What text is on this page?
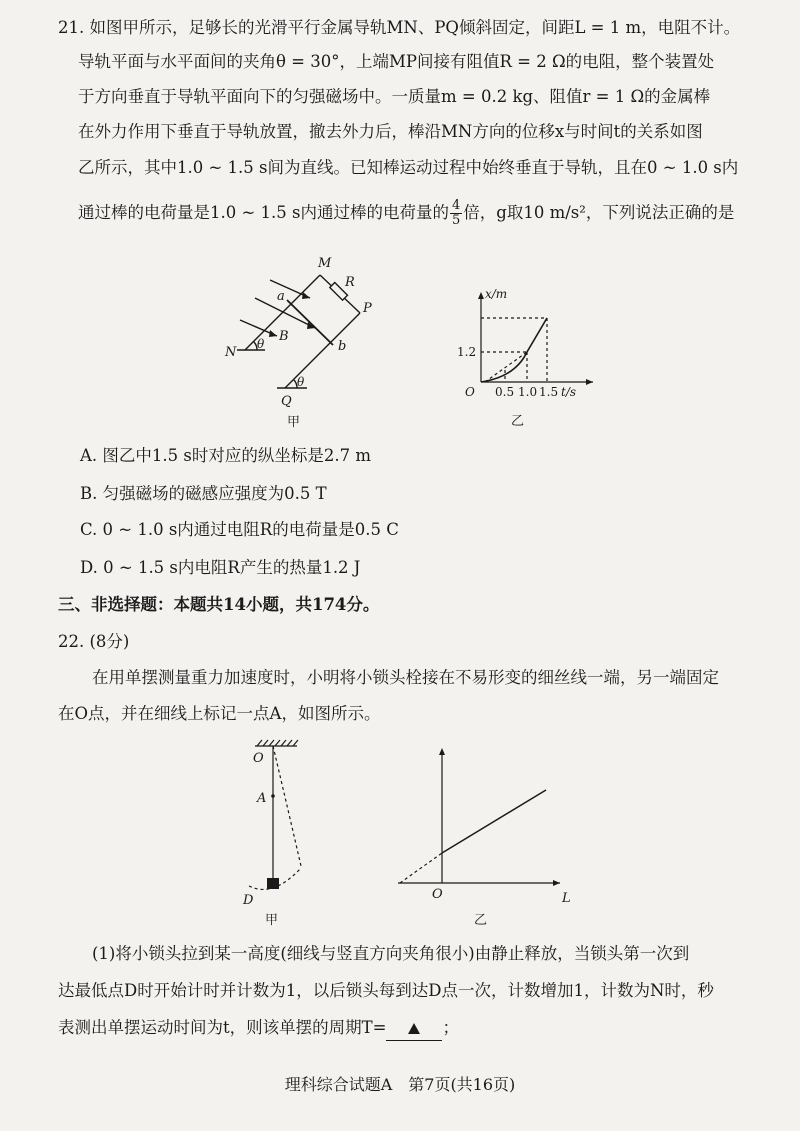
21. 如图甲所示，足够长的光滑平行金属导轨MN、PQ倾斜固定，间距L = 1 m，电阻不计。
导轨平面与水平面间的夹角θ = 30°，上端MP间接有阻值R = 2 Ω的电阻，整个装置处
于方向垂直于导轨平面向下的匀强磁场中。一质量m = 0.2 kg、阻值r = 1 Ω的金属棒
在外力作用下垂直于导轨放置，撤去外力后，棒沿MN方向的位移x与时间t的关系如图
乙所示，其中1.0 ~ 1.5 s间为直线。已知棒运动过程中始终垂直于导轨，且在0 ~ 1.0 s内
通过棒的电荷量是1.0 ~ 1.5 s内通过棒的电荷量的 $\frac{4}{5}$ 倍，g取10 m/s²，下列说法正确的是
M
R
P
a
b
B
N
θ
θ
Q
甲
x/m
1.2
O 0.5 1.0 1.5 t/s
乙
A. 图乙中1.5 s时对应的纵坐标是2.7 m
B. 匀强磁场的磁感应强度为0.5 T
C. 0 ~ 1.0 s内通过电阻R的电荷量是0.5 C
D. 0 ~ 1.5 s内电阻R产生的热量1.2 J
三、非选择题：本题共14小题，共174分。
22. (8分)
在用单摆测量重力加速度时，小明将小锁头栓接在不易形变的细丝线一端，另一端固定
在O点，并在细线上标记一点A，如图所示。
O
A
D
甲
O	L
乙
(1)将小锁头拉到某一高度(细线与竖直方向夹角很小)由静止释放，当锁头第一次到
达最低点D时开始计时并计数为1，以后锁头每到达D点一次，计数增加1，计数为N时，秒
表测出单摆运动时间为t，则该单摆的周期T=	；
理科综合试题A　第7页(共16页)
